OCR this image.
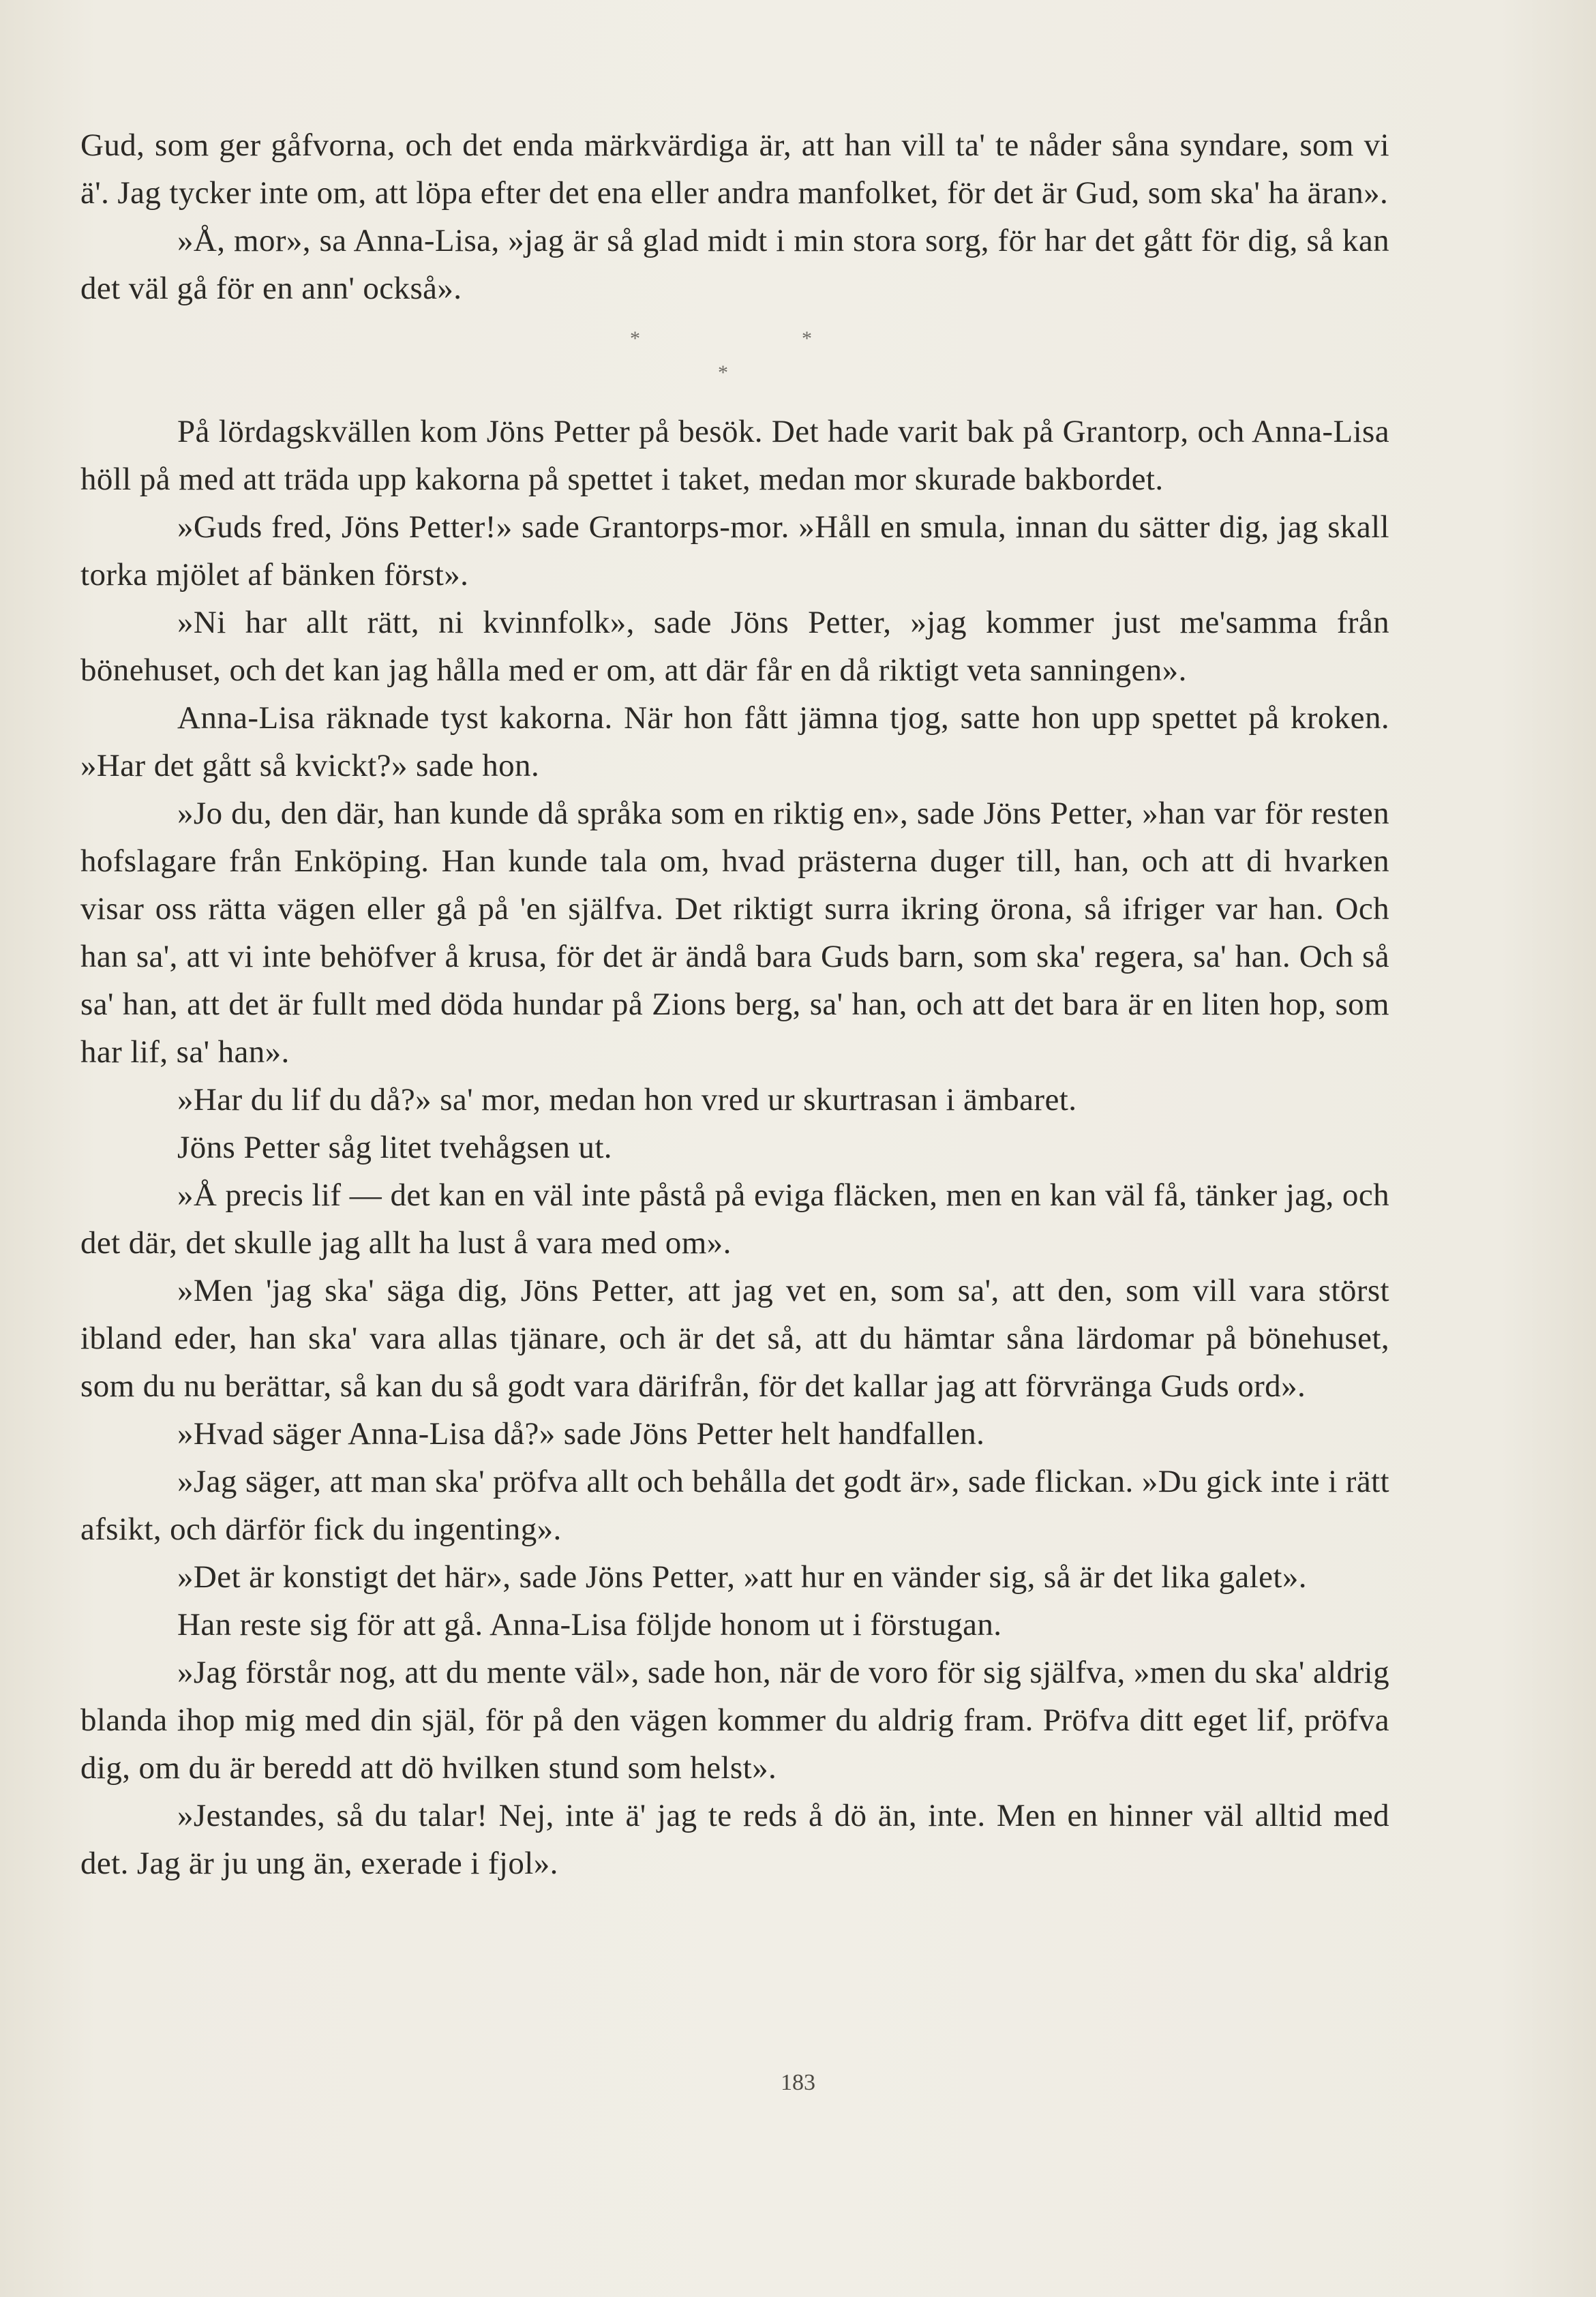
Gud, som ger gåfvorna, och det enda märkvärdiga är, att han vill ta' te nåder såna syndare, som vi ä'. Jag tycker inte om, att löpa efter det ena eller andra manfolket, för det är Gud, som ska' ha äran».

»Å, mor», sa Anna-Lisa, »jag är så glad midt i min stora sorg, för har det gått för dig, så kan det väl gå för en ann' också».

*	*
*

På lördagskvällen kom Jöns Petter på besök. Det hade varit bak på Grantorp, och Anna-Lisa höll på med att träda upp kakorna på spettet i taket, medan mor skurade bakbordet.

»Guds fred, Jöns Petter!» sade Grantorps-mor. »Håll en smula, innan du sätter dig, jag skall torka mjölet af bänken först».

»Ni har allt rätt, ni kvinnfolk», sade Jöns Petter, »jag kommer just me'samma från bönehuset, och det kan jag hålla med er om, att där får en då riktigt veta sanningen».

Anna-Lisa räknade tyst kakorna. När hon fått jämna tjog, satte hon upp spettet på kroken. »Har det gått så kvickt?» sade hon.

»Jo du, den där, han kunde då språka som en riktig en», sade Jöns Petter, »han var för resten hofslagare från Enköping. Han kunde tala om, hvad prästerna duger till, han, och att di hvarken visar oss rätta vägen eller gå på 'en själfva. Det riktigt surra ikring örona, så ifriger var han. Och han sa', att vi inte behöfver å krusa, för det är ändå bara Guds barn, som ska' regera, sa' han. Och så sa' han, att det är fullt med döda hundar på Zions berg, sa' han, och att det bara är en liten hop, som har lif, sa' han».

»Har du lif du då?» sa' mor, medan hon vred ur skurtrasan i ämbaret.

Jöns Petter såg litet tvehågsen ut.

»Å precis lif — det kan en väl inte påstå på eviga fläcken, men en kan väl få, tänker jag, och det där, det skulle jag allt ha lust å vara med om».

»Men 'jag ska' säga dig, Jöns Petter, att jag vet en, som sa', att den, som vill vara störst ibland eder, han ska' vara allas tjänare, och är det så, att du hämtar såna lärdomar på bönehuset, som du nu berättar, så kan du så godt vara därifrån, för det kallar jag att förvränga Guds ord».

»Hvad säger Anna-Lisa då?» sade Jöns Petter helt handfallen.

»Jag säger, att man ska' pröfva allt och behålla det godt är», sade flickan. »Du gick inte i rätt afsikt, och därför fick du ingenting».

»Det är konstigt det här», sade Jöns Petter, »att hur en vänder sig, så är det lika galet».

Han reste sig för att gå. Anna-Lisa följde honom ut i förstugan.

»Jag förstår nog, att du mente väl», sade hon, när de voro för sig själfva, »men du ska' aldrig blanda ihop mig med din själ, för på den vägen kommer du aldrig fram. Pröfva ditt eget lif, pröfva dig, om du är beredd att dö hvilken stund som helst».

»Jestandes, så du talar! Nej, inte ä' jag te reds å dö än, inte. Men en hinner väl alltid med det. Jag är ju ung än, exerade i fjol».

183
